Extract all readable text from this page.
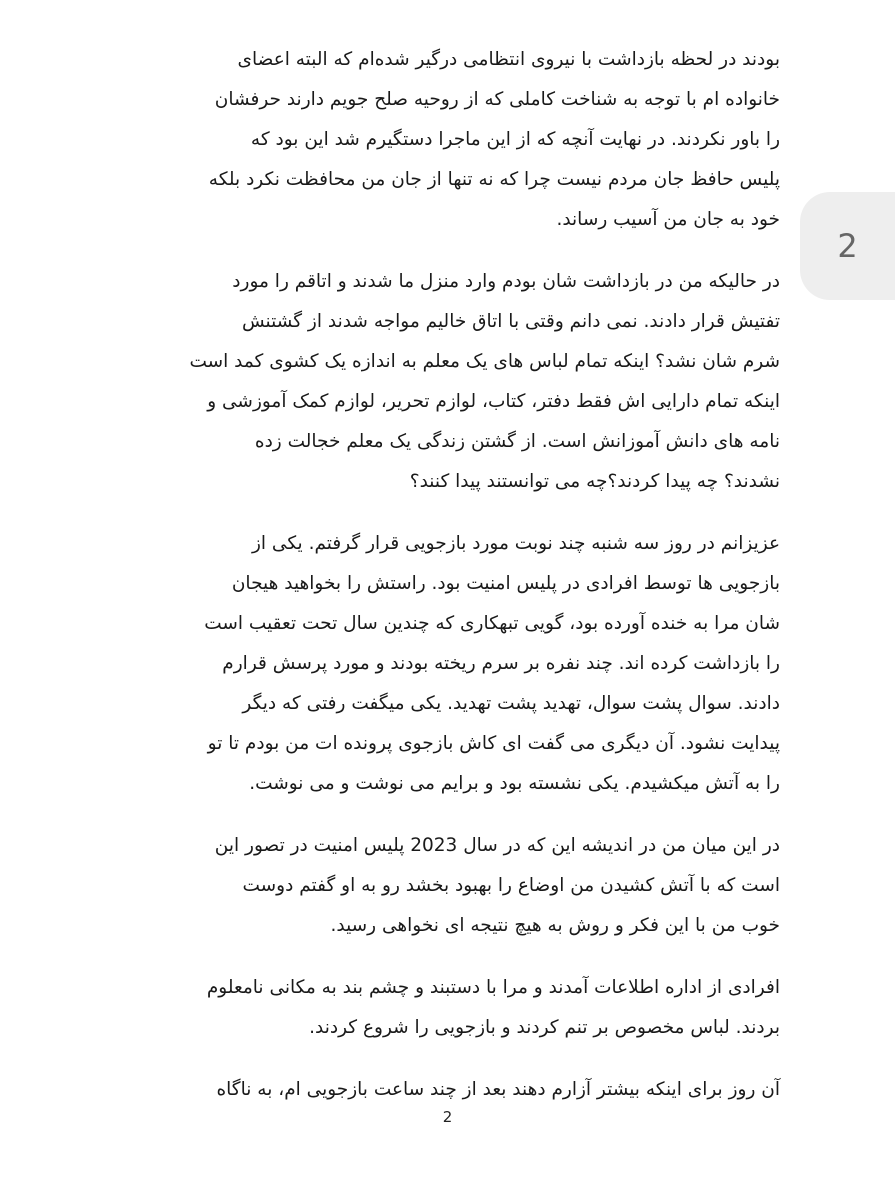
بودند در لحظه بازداشت با نیروی انتظامی درگیر شده‌ام که البته اعضای
خانواده ام با توجه به شناخت کاملی که از روحیه صلح جویم دارند حرفشان
را باور نکردند. در نهایت آنچه که از این ماجرا دستگیرم شد این بود که
پلیس حافظ جان مردم نیست چرا که نه تنها از جان من محافظت نکرد بلکه
خود به جان من آسیب رساند.

در حالیکه من در بازداشت شان بودم وارد منزل ما شدند و اتاقم را مورد
تفتیش قرار دادند. نمی دانم وقتی با اتاق خالیم مواجه شدند از گشتنش
شرم شان نشد؟ اینکه تمام لباس های یک معلم به اندازه یک کشوی کمد است
اینکه تمام دارایی اش فقط دفتر، کتاب، لوازم تحریر، لوازم کمک آموزشی و
نامه های دانش آموزانش است. از گشتن زندگی یک معلم خجالت زده
نشدند؟ چه پیدا کردند؟چه می توانستند پیدا کنند؟

عزیزانم در روز سه شنبه چند نوبت مورد بازجویی قرار گرفتم. یکی از
بازجویی ها توسط افرادی در پلیس امنیت بود. راستش را بخواهید هیجان
شان مرا به خنده آورده بود، گویی تبهکاری که چندین سال تحت تعقیب است
را بازداشت کرده اند. چند نفره بر سرم ریخته بودند و مورد پرسش قرارم
دادند. سوال پشت سوال، تهدید پشت تهدید. یکی میگفت رفتی که دیگر
پیدایت نشود. آن دیگری می گفت ای کاش بازجوی پرونده ات من بودم تا تو
را به آتش میکشیدم. یکی نشسته بود و برایم می نوشت و می نوشت.

در این میان من در اندیشه این که در سال 2023 پلیس امنیت در تصور این
است که با آتش کشیدن من اوضاع را بهبود بخشد رو به او گفتم دوست
خوب من با این فکر و روش به هیچ نتیجه ای نخواهی رسید.

افرادی از اداره اطلاعات آمدند و مرا با دستبند و چشم بند به مکانی نامعلوم
بردند. لباس مخصوص بر تنم کردند و بازجویی را شروع کردند.

آن روز برای اینکه بیشتر آزارم دهند بعد از چند ساعت بازجویی ام، به ناگاه

2
2
